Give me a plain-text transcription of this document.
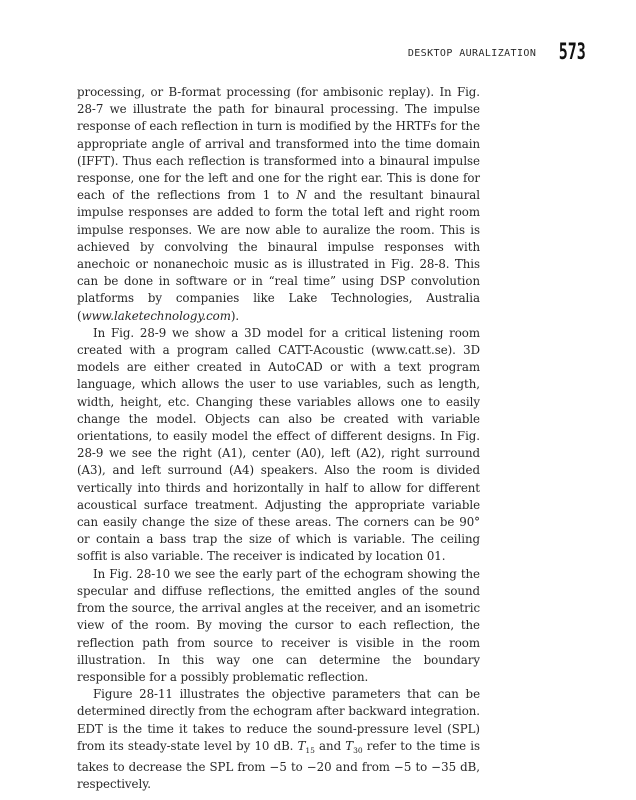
DESKTOP AURALIZATION 573

processing, or B-format processing (for ambisonic replay). In Fig. 28-7 we illustrate the path for binaural processing. The impulse response of each reflection in turn is modified by the HRTFs for the appropriate angle of arrival and transformed into the time domain (IFFT). Thus each reflection is transformed into a binaural impulse response, one for the left and one for the right ear. This is done for each of the reflections from 1 to N and the resultant binaural impulse responses are added to form the total left and right room impulse responses. We are now able to auralize the room. This is achieved by convolving the binaural impulse responses with anechoic or nonanechoic music as is illustrated in Fig. 28-8. This can be done in software or in “real time” using DSP convolution platforms by companies like Lake Technologies, Australia (www.laketechnology.com).

In Fig. 28-9 we show a 3D model for a critical listening room created with a program called CATT-Acoustic (www.catt.se). 3D models are either created in AutoCAD or with a text program language, which allows the user to use variables, such as length, width, height, etc. Changing these variables allows one to easily change the model. Objects can also be created with variable orientations, to easily model the effect of different designs. In Fig. 28-9 we see the right (A1), center (A0), left (A2), right surround (A3), and left surround (A4) speakers. Also the room is divided vertically into thirds and horizontally in half to allow for different acoustical surface treatment. Adjusting the appropriate variable can easily change the size of these areas. The corners can be 90° or contain a bass trap the size of which is variable. The ceiling soffit is also variable. The receiver is indicated by location 01.

In Fig. 28-10 we see the early part of the echogram showing the specular and diffuse reflections, the emitted angles of the sound from the source, the arrival angles at the receiver, and an isometric view of the room. By moving the cursor to each reflection, the reflection path from source to receiver is visible in the room illustration. In this way one can determine the boundary responsible for a possibly problematic reflection.

Figure 28-11 illustrates the objective parameters that can be determined directly from the echogram after backward integration. EDT is the time it takes to reduce the sound-pressure level (SPL) from its steady-state level by 10 dB. $T_{15}$ and $T_{30}$ refer to the time is takes to decrease the SPL from −5 to −20 and from −5 to −35 dB, respectively.
